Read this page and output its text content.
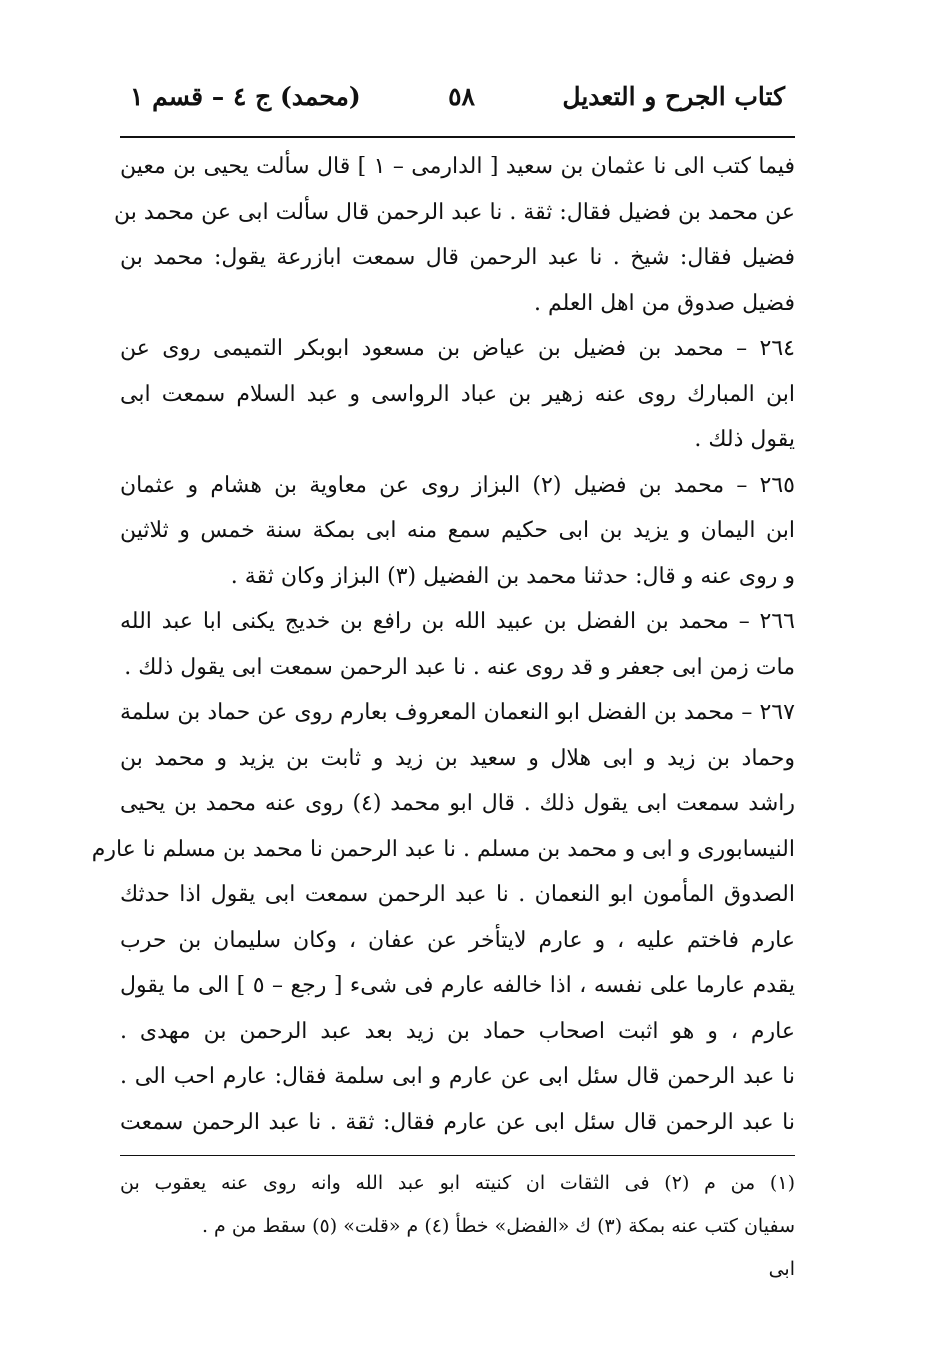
كتاب الجرح و التعديل
٥٨
(محمد) ج ٤ – قسم ١
فيما كتب الى نا عثمان بن سعيد [ الدارمى – ١ ] قال سألت يحيى بن معين
عن محمد بن فضيل فقال: ثقة . نا عبد الرحمن قال سألت ابى عن محمد بن
فضيل فقال: شيخ . نا عبد الرحمن قال سمعت ابازرعة يقول: محمد بن
فضيل صدوق من اهل العلم .
٢٦٤ – محمد بن فضيل بن عياض بن مسعود ابوبكر التميمى روى عن
ابن المبارك روى عنه زهير بن عباد الرواسى و عبد السلام سمعت ابى
يقول ذلك .
٢٦٥ – محمد بن فضيل (٢) البزاز روى عن معاوية بن هشام و عثمان
ابن اليمان و يزيد بن ابى حكيم سمع منه ابى بمكة سنة خمس و ثلاثين
و روى عنه و قال: حدثنا محمد بن الفضيل (٣) البزاز وكان ثقة .
٢٦٦ – محمد بن الفضل بن عبيد الله بن رافع بن خديج يكنى ابا عبد الله
مات زمن ابى جعفر و قد روى عنه . نا عبد الرحمن سمعت ابى يقول ذلك .
٢٦٧ – محمد بن الفضل ابو النعمان المعروف بعارم روى عن حماد بن سلمة
وحماد بن زيد و ابى هلال و سعيد بن زيد و ثابت بن يزيد و محمد بن
راشد سمعت ابى يقول ذلك . قال ابو محمد (٤) روى عنه محمد بن يحيى
النيسابورى و ابى و محمد بن مسلم . نا عبد الرحمن نا محمد بن مسلم نا عارم
الصدوق المأمون ابو النعمان . نا عبد الرحمن سمعت ابى يقول اذا حدثك
عارم فاختم عليه ، و عارم لايتأخر عن عفان ، وكان سليمان بن حرب
يقدم عارما على نفسه ، اذا خالفه عارم فى شىء [ رجع – ٥ ] الى ما يقول
عارم ، و هو اثبت اصحاب حماد بن زيد بعد عبد الرحمن بن مهدى .
نا عبد الرحمن قال سئل ابى عن عارم و ابى سلمة فقال: عارم احب الى .
نا عبد الرحمن قال سئل ابى عن عارم فقال: ثقة . نا عبد الرحمن سمعت
(١) من م (٢) فى الثقات ان كنيته ابو عبد الله وانه روى عنه يعقوب بن
سفيان كتب عنه بمكة (٣) ك «الفضل» خطأ (٤) م «قلت» (٥) سقط من م .
ابى
